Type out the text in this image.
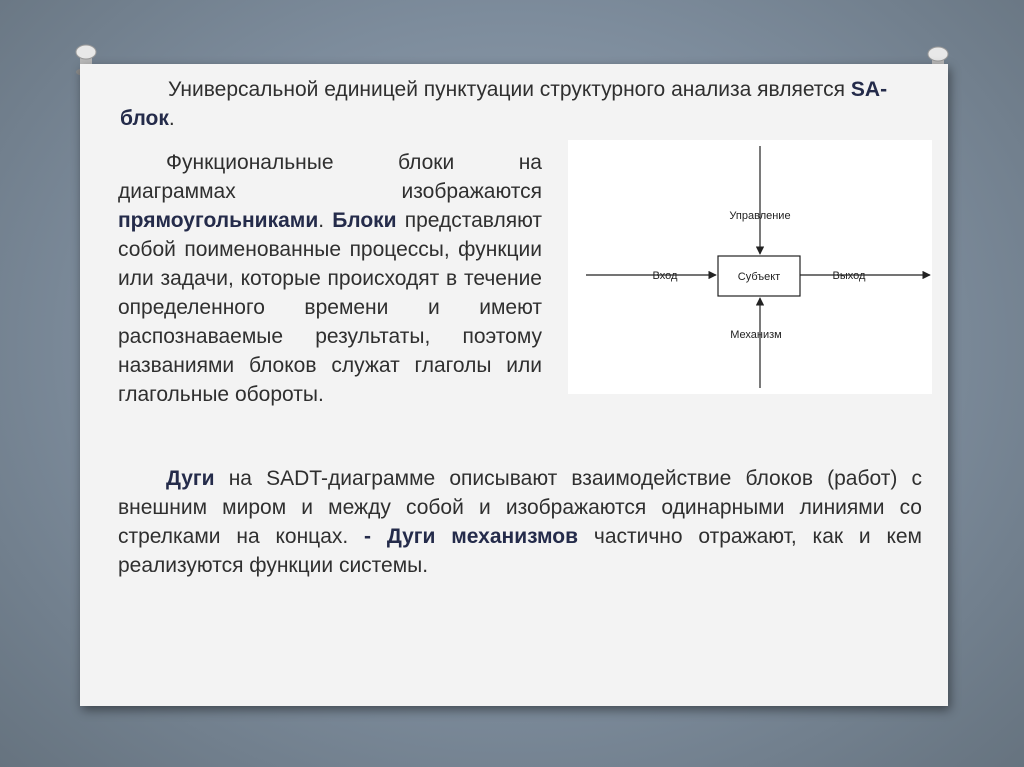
Универсальной единицей пунктуации структурного анализа является SA-блок.

Функциональные блоки на диаграммах изображаются прямоугольниками. Блоки представляют собой поименованные процессы, функции или задачи, которые происходят в течение определенного времени и имеют распознаваемые результаты, поэтому названиями блоков служат глаголы или глагольные обороты.

Субъект
Управление
Вход	Выход
Механизм

Дуги на SADT-диаграмме описывают взаимодействие блоков (работ) с внешним миром и между собой и изображаются одинарными линиями со стрелками на концах. - Дуги механизмов частично отражают, как и кем реализуются функции системы.
